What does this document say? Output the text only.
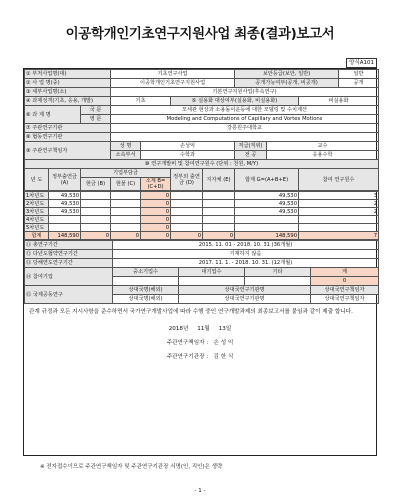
이공학개인기초연구지원사업 최종(결과)보고서
양식A101
① 부처사업명(대)			기초연구사업				보안등급(보안, 일반)			일반
② 사 업 명(중)			이공학개인기초연구지원사업				공개가능여부(공개, 비공개)			공개
③ 세부사업명(소)			기본연구지원사업(후속연구)							
④ 과제성격(기초, 응용, 개발)			기초		⑤ 실용화 대상여부(실용화, 비실용화)				비실용화	
⑥ 과 제 명		국 문	모세관 현상과 소용돌이운동에 대한 모델링 및 수치계산							
		영 문	Modeling and Computations of Capillary and Vortex Motions							
⑦ 주관연구기관			강릉원주대학교							
⑧ 협동연구기관										
⑨ 주관연구책임자			성 명	손성익			직급(직위)	교수		
			소속부서	수학과			전 공	응용수학		
⑩ 연구개발비 및 참여연구원수 (단위 : 천원, M/Y)										
년 도	정부출연금 (A)	기업부담금			정부외 출연금 (D)	지자체 (E)	합계 G=(A+B+E)		참여 연구원수	
		현금 (B)	현물 (C)	소계 B=(C+D)						
1차년도	49,530			0			49,530	3
2차년도	49,530			0			49,530	2
3차년도	49,530			0			49,530	2
4차년도				0				
5차년도				0				
합계	148,590	0	0	0	0	0	148,590	7
⑪ 총연구기간	2015. 11. 01 - 2018. 10. 31 (36개월)			
⑫ 다년도협약연구기간	기재하지 않음			
⑬ 당해연도연구기간	2017. 11. 1. - 2018. 10. 31. (12개월)			
⑭ 참여기업	중소기업수	대기업수	기타	계
				0
⑮ 국제공동연구	상대국명(해외)	상대국연구기관명		상대국연구책임자
	상대국명(해외)	상대국연구기관명		상대국연구책임자
관계 규정과 모든 지시사항을 준수하면서 국가연구개발사업에 따라 수행 중인 연구개발과제의 최종보고서를 붙임과 같이 제출 합니다.
2018년 11월 13일
주관연구책임자 : 손 성 익
주관연구기관장 : 김 한 식
※ 전자접수이므로 주관연구책임자 및 주관연구기관장 서명(인, 직인)은 생략
- 1 -
